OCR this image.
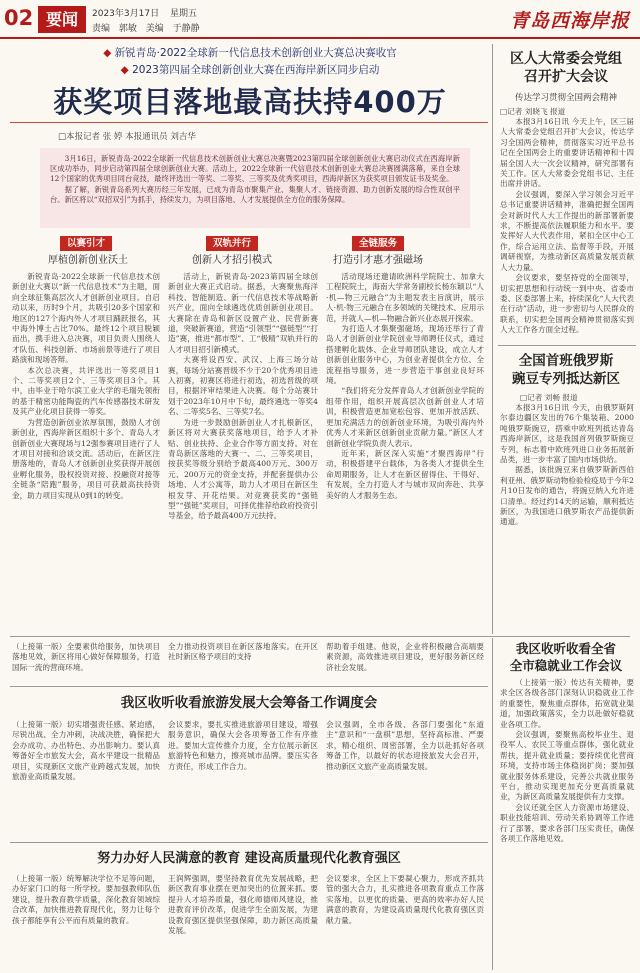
02 要闻	2023年3月17日 星期五
责编 郭敏 美编 于静静	青岛西海岸报
◆ 新锐青岛·2022全球新一代信息技术创新创业大赛总决赛收官
◆ 2023第四届全球创新创业大赛在西海岸新区同步启动
获奖项目落地最高扶持400万
□本报记者 张 婷 本报通讯员 刘吉华

3月16日，新锐青岛·2022全球新一代信息技术创新创业大赛总决赛暨2023第四届全球创新创业大赛启动仪式在西海岸新区成功举办，同步启动第四届全球创新创业大赛。活动上，2022全球新一代信息技术创新创业大赛总决赛圆满落幕，来自全球12个国家的优秀项目同台竞技，最终评选出一等奖、二等奖、三等奖及优秀奖项目，西海岸新区为获奖项目颁发证书及奖金。

据了解，新锐青岛系列大赛历经三年发展，已成为青岛市聚集产业、集聚人才、链接资源、助力创新发展的综合性双创平台。新区将以“双招双引”为抓手，持续发力，为项目落地、人才发展提供全方位的服务保障。

以赛引才
厚植创新创业沃土
双轨并行
创新人才招引模式
全链服务
打造引才惠才强磁场

新锐青岛·2022全球新一代信息技术创新创业大赛以“新一代信息技术”为主题，面向全球征集高层次人才创新创业项目。自启动以来，历时9个月，共吸引20多个国家和地区的127个海内外人才项目踊跃报名，其中海外博士占比70%。最终12个项目脱颖而出，携手进入总决赛，项目负责人围绕人才队伍、科技创新、市场前景等进行了项目路演和现场答辩。

本次总决赛，共评选出一等奖项目1个、二等奖项目2个、三等奖项目3个。其中，由毕业于哈尔滨工业大学的毛瑞先领衔的基于精密功能陶瓷的汽车传感器技术研发及其产业化项目获得一等奖。

为营造创新创业浓厚氛围，鼓励人才创新创业，西海岸新区组织十多个、青岛人才创新创业大赛现场与12强参赛项目进行了人才项目对接和洽谈交流。活动后，在新区注册落地的，青岛人才创新创业奖获得开展创业孵化服务，股权投资对接、投融资对接等全链条“陪跑”服务，项目可获最高扶持资金，助力项目实现从0到1的转变。

活动上，新锐青岛·2023第四届全球创新创业大赛正式启动。据悉，大赛聚焦海洋科技、智能制造、新一代信息技术等战略新兴产业，面向全球遴选优质创新创业项目。大赛除在青岛和新区设置产业、民营新赛道，突破新赛道，营造“引领型”“强链型”“打造”赛，推进“都市型”、工“极精”双轨并行的人才项目招引新模式。

大赛将设西安、武汉、上海三场分站赛，每场分站赛晋级不少于20个优秀项目进入初赛，初赛区将进行初选，初选晋级的项目，根据评审结果进入决赛。每个分站赛计划于2023年10月中下旬，最终遴选一等奖4名、二等奖5名、三等奖7名。

为进一步鼓励创新创业人才扎根新区，新区将对大赛获奖落地项目，给予人才补贴、创业扶持、企业合作等方面支持。对在青岛新区落地的大赛一、二、三等奖项目，按获奖等级分别给予最高400万元、300万元、200万元的资金支持，并配套提供办公场地、人才公寓等，助力人才项目在新区生根发芽、开花结果。对竞赛获奖的“强链型”“强链”奖项目，可择优推荐给政府投资引导基金，给予最高400万元扶持。

活动现场还邀请欧洲科学院院士、加拿大工程院院士，海南大学常务副校长杨东颖以“人·机—物三元融合”为主题发表主旨演讲，展示人·机·物三元融合在多领域的关键技术、应用示范，并就人—机—物融合新兴业态展开探索。

为打造人才集聚强磁场，现场还举行了青岛人才创新创业学院创业导师聘任仪式，通过搭建孵化载体、企业导师团队建设，成立人才创新创业服务中心，为创业者提供全方位、全流程指导服务，进一步营造干事创业良好环境。

“我们将充分发挥青岛人才创新创业学院的组带作用，组织开展高层次创新创业人才培训，积极营造更加宽松包容、更加开放活跃、更加充满活力的创新创业环境，为吸引海内外优秀人才来新区创新创业贡献力量。”新区人才创新创业学院负责人表示。

近年来，新区深入实施“才聚西海岸”行动，积极搭建平台载体，为各类人才提供全生命周期服务，让人才在新区留得住、干得好、有发展，全力打造人才与城市双向奔赴、共享美好的人才服务生态。

区人大常委会党组
召开扩大会议
传达学习贯彻全国两会精神
□记者 刘晓飞 报道

本报3月16日讯 今天上午，区三届人大常委会党组召开扩大会议，传达学习全国两会精神，贯彻落实习近平总书记在全国两会上的重要讲话精神和十四届全国人大一次会议精神，研究部署有关工作。区人大常委会党组书记、主任出席并讲话。

会议强调，要深入学习领会习近平总书记重要讲话精神，准确把握全国两会对新时代人大工作提出的新部署新要求，不断提高依法履职能力和水平。要发挥好人大代表作用，紧扣全区中心工作，综合运用立法、监督等手段，开展调研视察，为推动新区高质量发展贡献人大力量。

会议要求，要坚持党的全面领导，切实把思想和行动统一到中央、省委市委、区委部署上来，持续深化“人大代表在行动”活动，进一步密切与人民群众的联系，切实把全国两会精神贯彻落实到人大工作各方面全过程。

全国首班俄罗斯
豌豆专列抵达新区
□记者 刘畅 报道

本报3月16日讯 今天，由俄罗斯阿尔泰边疆区发出的76个集装箱、2000吨俄罗斯豌豆，搭乘中欧班列抵达青岛西海岸新区，这是我国首列俄罗斯豌豆专列，标志着中欧班列进口业务拓展新品类，进一步丰富了国内市场供给。

据悉，该批豌豆来自俄罗斯新西伯利亚州、俄罗斯动物检验检疫局于今年2月10日发布的通告，将豌豆纳入允许进口清单。经过约14天的运输，顺利抵达新区，为我国进口俄罗斯农产品提供新通道。

我区收听收看全省
全市稳就业工作会议

（上接第一版）传达有关精神，要求全区各级各部门深刻认识稳就业工作的重要性，聚焦重点群体，拓宽就业渠道，加强政策落实，全力以赴做好稳就业各项工作。

会议强调，要聚焦高校毕业生、退役军人、农民工等重点群体，强化就业帮扶，提升就业质量；要持续优化营商环境，支持市场主体稳岗扩岗；要加强就业服务体系建设，完善公共就业服务平台，推动实现更加充分更高质量就业，为新区高质量发展提供有力支撑。

会议还就全区人力资源市场建设、职业技能培训、劳动关系协调等工作进行了部署，要求各部门压实责任，确保各项工作落地见效。

（上接第一版）全要素供给服务，加快项目落地见效，新区将用心做好保障服务，打造国际一流的营商环境。
全力推动投资项目在新区落地落实。在开区社时新区格予项目的支持
帮助着手组建。他说，企业将积极融合高端要素资源，高效推进项目建设，更好服务新区经济社会发展。
我区收听收看旅游发展大会筹备工作调度会
（上接第一版）切实增强责任感、紧迫感，尽锐出战、全力冲刺，决战决胜，确保把大会办成功、办出特色、办出影响力。要认真筹备好全市旅发大会，高水平建设一批精品项目，实现新区文旅产业跨越式发展，加快旅游业高质量发展。
会议要求，要扎实推进旅游项目建设，增强服务意识，确保大会各项筹备工作有序推进。要加大宣传推介力度，全方位展示新区旅游特色和魅力，擦亮城市品牌。要压实各方责任，形成工作合力。
会议强调，全市各级、各部门要强化“东道主”意识和“一盘棋”思想，坚持高标准、严要求，精心组织、周密部署，全力以赴抓好各项筹备工作，以最好的状态迎接旅发大会召开，推动新区文旅产业高质量发展。
努力办好人民满意的教育 建设高质量现代化教育强区
（上接第一版）统筹解决学位不足等问题，办好家门口的每一所学校。要加强教师队伍建设，提升教育教学质量，深化教育领域综合改革，加快推进教育现代化，努力让每个孩子都能享有公平而有质量的教育。
王润辉强调，要坚持教育优先发展战略，把新区教育事业摆在更加突出的位置来抓。要提升人才培养质量，强化师德师风建设，推进教育评价改革，促进学生全面发展，为建设教育强区提供坚强保障，助力新区高质量发展。
会议要求，全区上下要凝心聚力，形成齐抓共管的强大合力，扎实推进各项教育重点工作落实落地，以更优的质量、更高的效率办好人民满意的教育，为建设高质量现代化教育强区贡献力量。
